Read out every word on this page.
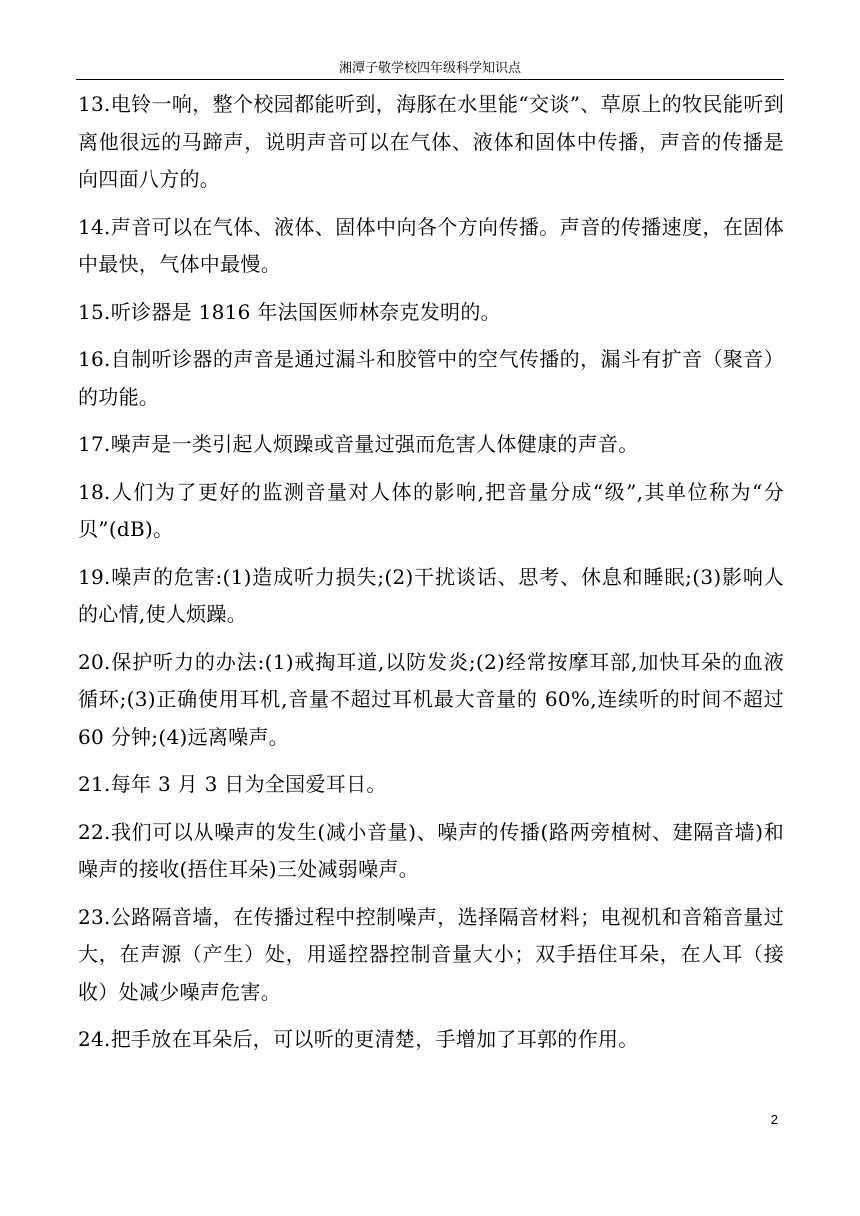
湘潭子敬学校四年级科学知识点

13.电铃一响，整个校园都能听到，海豚在水里能“交谈”、草原上的牧民能听到离他很远的马蹄声，说明声音可以在气体、液体和固体中传播，声音的传播是向四面八方的。

14.声音可以在气体、液体、固体中向各个方向传播。声音的传播速度，在固体中最快，气体中最慢。

15.听诊器是 1816 年法国医师林奈克发明的。

16.自制听诊器的声音是通过漏斗和胶管中的空气传播的，漏斗有扩音（聚音）的功能。

17.噪声是一类引起人烦躁或音量过强而危害人体健康的声音。

18.人们为了更好的监测音量对人体的影响,把音量分成“级”,其单位称为“分贝”(dB)。

19.噪声的危害:(1)造成听力损失;(2)干扰谈话、思考、休息和睡眠;(3)影响人的心情,使人烦躁。

20.保护听力的办法:(1)戒掏耳道,以防发炎;(2)经常按摩耳部,加快耳朵的血液循环;(3)正确使用耳机,音量不超过耳机最大音量的 60%,连续听的时间不超过 60 分钟;(4)远离噪声。

21.每年 3 月 3 日为全国爱耳日。

22.我们可以从噪声的发生(减小音量)、噪声的传播(路两旁植树、建隔音墙)和噪声的接收(捂住耳朵)三处减弱噪声。

23.公路隔音墙，在传播过程中控制噪声，选择隔音材料；电视机和音箱音量过大，在声源（产生）处，用遥控器控制音量大小；双手捂住耳朵，在人耳（接收）处减少噪声危害。

24.把手放在耳朵后，可以听的更清楚，手增加了耳郭的作用。

2
